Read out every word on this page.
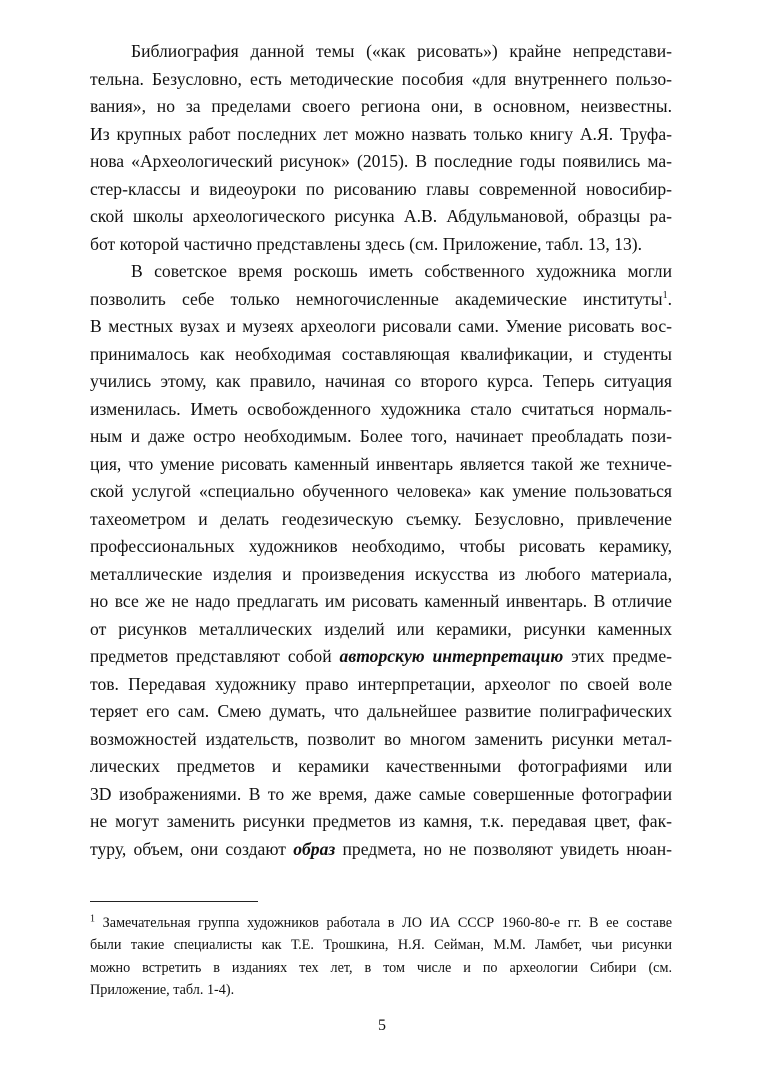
Библиография данной темы («как рисовать») крайне непредстави-
тельна. Безусловно, есть методические пособия «для внутреннего пользо-
вания», но за пределами своего региона они, в основном, неизвестны.
Из крупных работ последних лет можно назвать только книгу А.Я. Труфа-
нова «Археологический рисунок» (2015). В последние годы появились ма-
стер-классы и видеоуроки по рисованию главы современной новосибир-
ской школы археологического рисунка А.В. Абдульмановой, образцы ра-
бот которой частично представлены здесь (см. Приложение, табл. 13, 13).
В советское время роскошь иметь собственного художника могли
позволить себе только немногочисленные академические институты$^1$.
В местных вузах и музеях археологи рисовали сами. Умение рисовать вос-
принималось как необходимая составляющая квалификации, и студенты
учились этому, как правило, начиная со второго курса. Теперь ситуация
изменилась. Иметь освобожденного художника стало считаться нормаль-
ным и даже остро необходимым. Более того, начинает преобладать пози-
ция, что умение рисовать каменный инвентарь является такой же техниче-
ской услугой «специально обученного человека» как умение пользоваться
тахеометром и делать геодезическую съемку. Безусловно, привлечение
профессиональных художников необходимо, чтобы рисовать керамику,
металлические изделия и произведения искусства из любого материала,
но все же не надо предлагать им рисовать каменный инвентарь. В отличие
от рисунков металлических изделий или керамики, рисунки каменных
предметов представляют собой авторскую интерпретацию этих предме-
тов. Передавая художнику право интерпретации, археолог по своей воле
теряет его сам. Смею думать, что дальнейшее развитие полиграфических
возможностей издательств, позволит во многом заменить рисунки метал-
лических предметов и керамики качественными фотографиями или
3D изображениями. В то же время, даже самые совершенные фотографии
не могут заменить рисунки предметов из камня, т.к. передавая цвет, фак-
туру, объем, они создают образ предмета, но не позволяют увидеть нюан-
$^1$ Замечательная группа художников работала в ЛО ИА СССР 1960-80-е гг. В ее составе
были такие специалисты как Т.Е. Трошкина, Н.Я. Сейман, М.М. Ламбет, чьи рисунки
можно встретить в изданиях тех лет, в том числе и по археологии Сибири (см.
Приложение, табл. 1-4).
5
